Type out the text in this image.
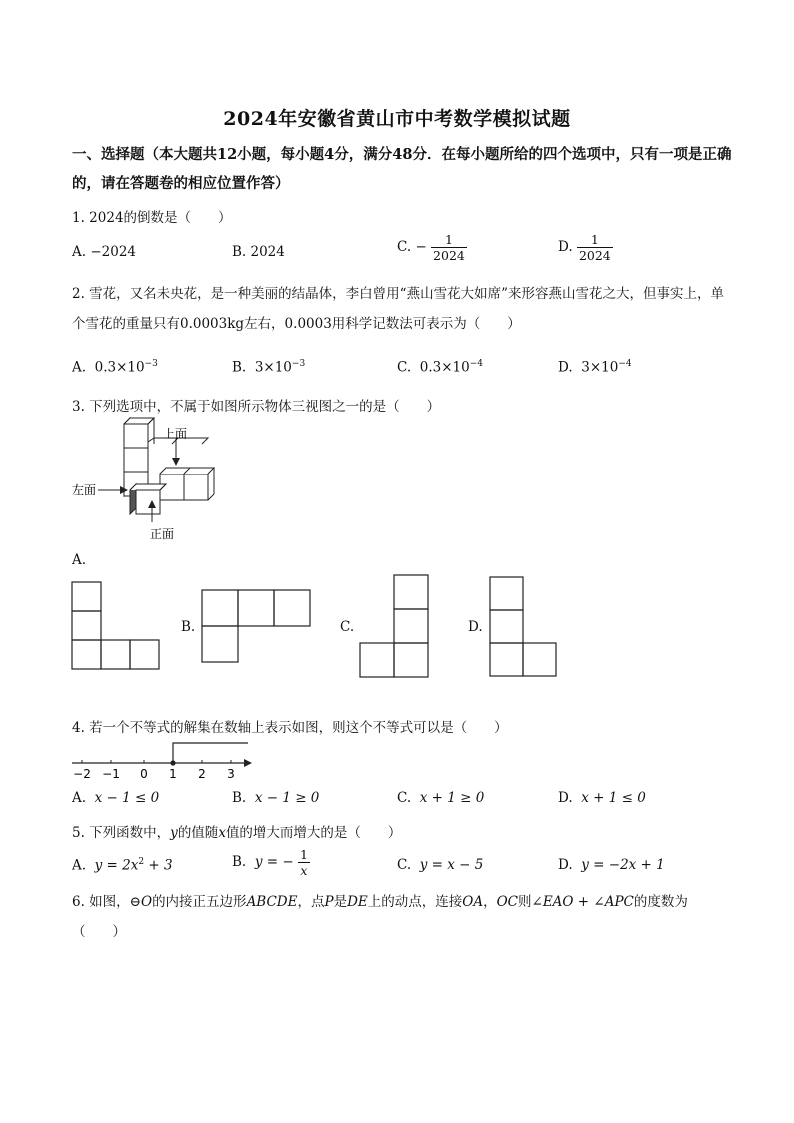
2024年安徽省黄山市中考数学模拟试题
一、选择题（本大题共12小题，每小题4分，满分48分．在每小题所给的四个选项中，只有一项是正确的，请在答题卷的相应位置作答）
1. 2024的倒数是（　　）
A. −2024	B. 2024	C. − $\frac{1}{2024}$	D. $\frac{1}{2024}$
2. 雪花，又名未央花，是一种美丽的结晶体，李白曾用“燕山雪花大如席”来形容燕山雪花之大，但事实上，单个雪花的重量只有0.0003kg左右，0.0003用科学记数法可表示为（　　）
A. $0.3\times 10^{-3}$	B. $3\times 10^{-3}$	C. $0.3\times 10^{-4}$	D. $3\times 10^{-4}$
3. 下列选项中，不属于如图所示物体三视图之一的是（　　）
上面
左面
正面
A.
B.	C.	D.
4. 若一个不等式的解集在数轴上表示如图，则这个不等式可以是（　　）
−2 −1 0 1 2 3
A. x − 1 ≤ 0	B. x − 1 ≥ 0	C. x + 1 ≥ 0	D. x + 1 ≤ 0
5. 下列函数中，y的值随x值的增大而增大的是（　　）
A. $y = 2x^2 + 3$	B. y = − $\frac{1}{x}$	C. y = x − 5	D. y = −2x + 1
6. 如图，⊖O的内接正五边形ABCDE，点P是DE上的动点，连接OA，OC则∠EAO + ∠APC的度数为（　　）
